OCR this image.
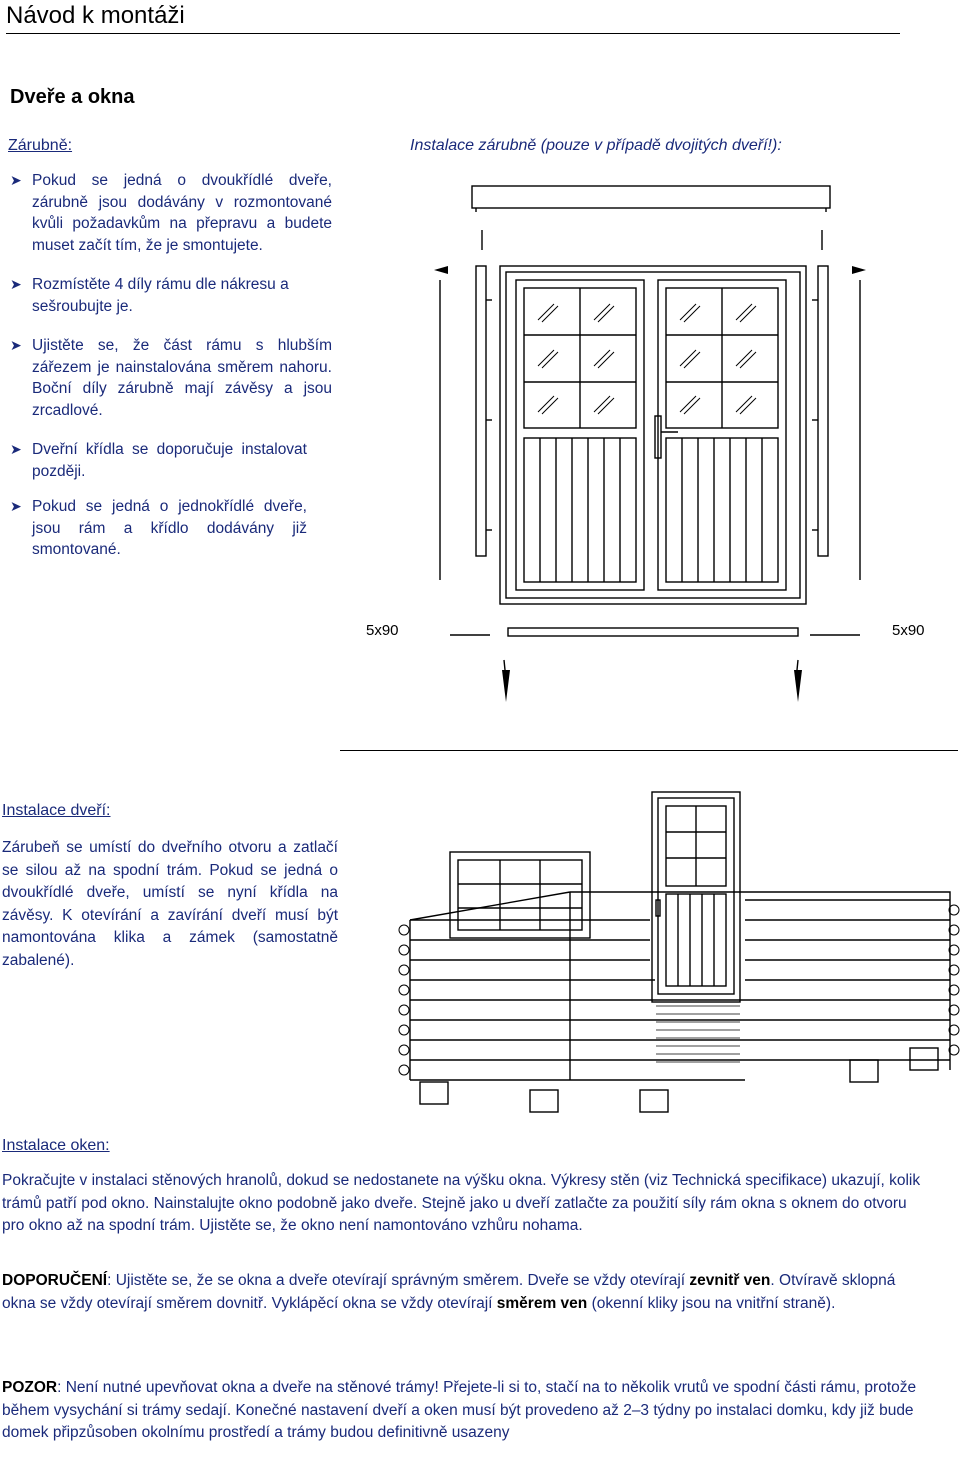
Návod k montáži
Dveře a okna
Zárubně:	Instalace zárubně (pouze v případě dvojitých dveří!):
➤ Pokud se jedná o dvoukřídlé dveře, zárubně jsou dodávány v rozmontované kvůli požadavkům na přepravu a budete muset začít tím, že je smontujete.
➤ Rozmístěte 4 díly rámu dle nákresu a sešroubujte je.
➤ Ujistěte se, že část rámu s hlubším zářezem je nainstalována směrem nahoru. Boční díly zárubně mají závěsy a jsou zrcadlové.
➤ Dveřní křídla se doporučuje instalovat později.
➤ Pokud se jedná o jednokřídlé dveře, jsou rám a křídlo dodávány již smontované.
5x90	5x90
Instalace dveří:
Zárubeň se umístí do dveřního otvoru a zatlačí se silou až na spodní trám. Pokud se jedná o dvoukřídlé dveře, umístí se nyní křídla na závěsy. K otevírání a zavírání dveří musí být namontována klika a zámek (samostatně zabalené).
Instalace oken:
Pokračujte v instalaci stěnových hranolů, dokud se nedostanete na výšku okna. Výkresy stěn (viz Technická specifikace) ukazují, kolik trámů patří pod okno. Nainstalujte okno podobně jako dveře. Stejně jako u dveří zatlačte za použití síly rám okna s oknem do otvoru pro okno až na spodní trám. Ujistěte se, že okno není namontováno vzhůru nohama.
DOPORUČENÍ: Ujistěte se, že se okna a dveře otevírají správným směrem. Dveře se vždy otevírají zevnitř ven. Otvíravě sklopná okna se vždy otevírají směrem dovnitř. Vyklápěcí okna se vždy otevírají směrem ven (okenní kliky jsou na vnitřní straně).
POZOR: Není nutné upevňovat okna a dveře na stěnové trámy! Přejete-li si to, stačí na to několik vrutů ve spodní části rámu, protože během vysychání si trámy sedají. Konečné nastavení dveří a oken musí být provedeno až 2–3 týdny po instalaci domku, kdy již bude domek připzůsoben okolnímu prostředí a trámy budou definitivně usazeny
